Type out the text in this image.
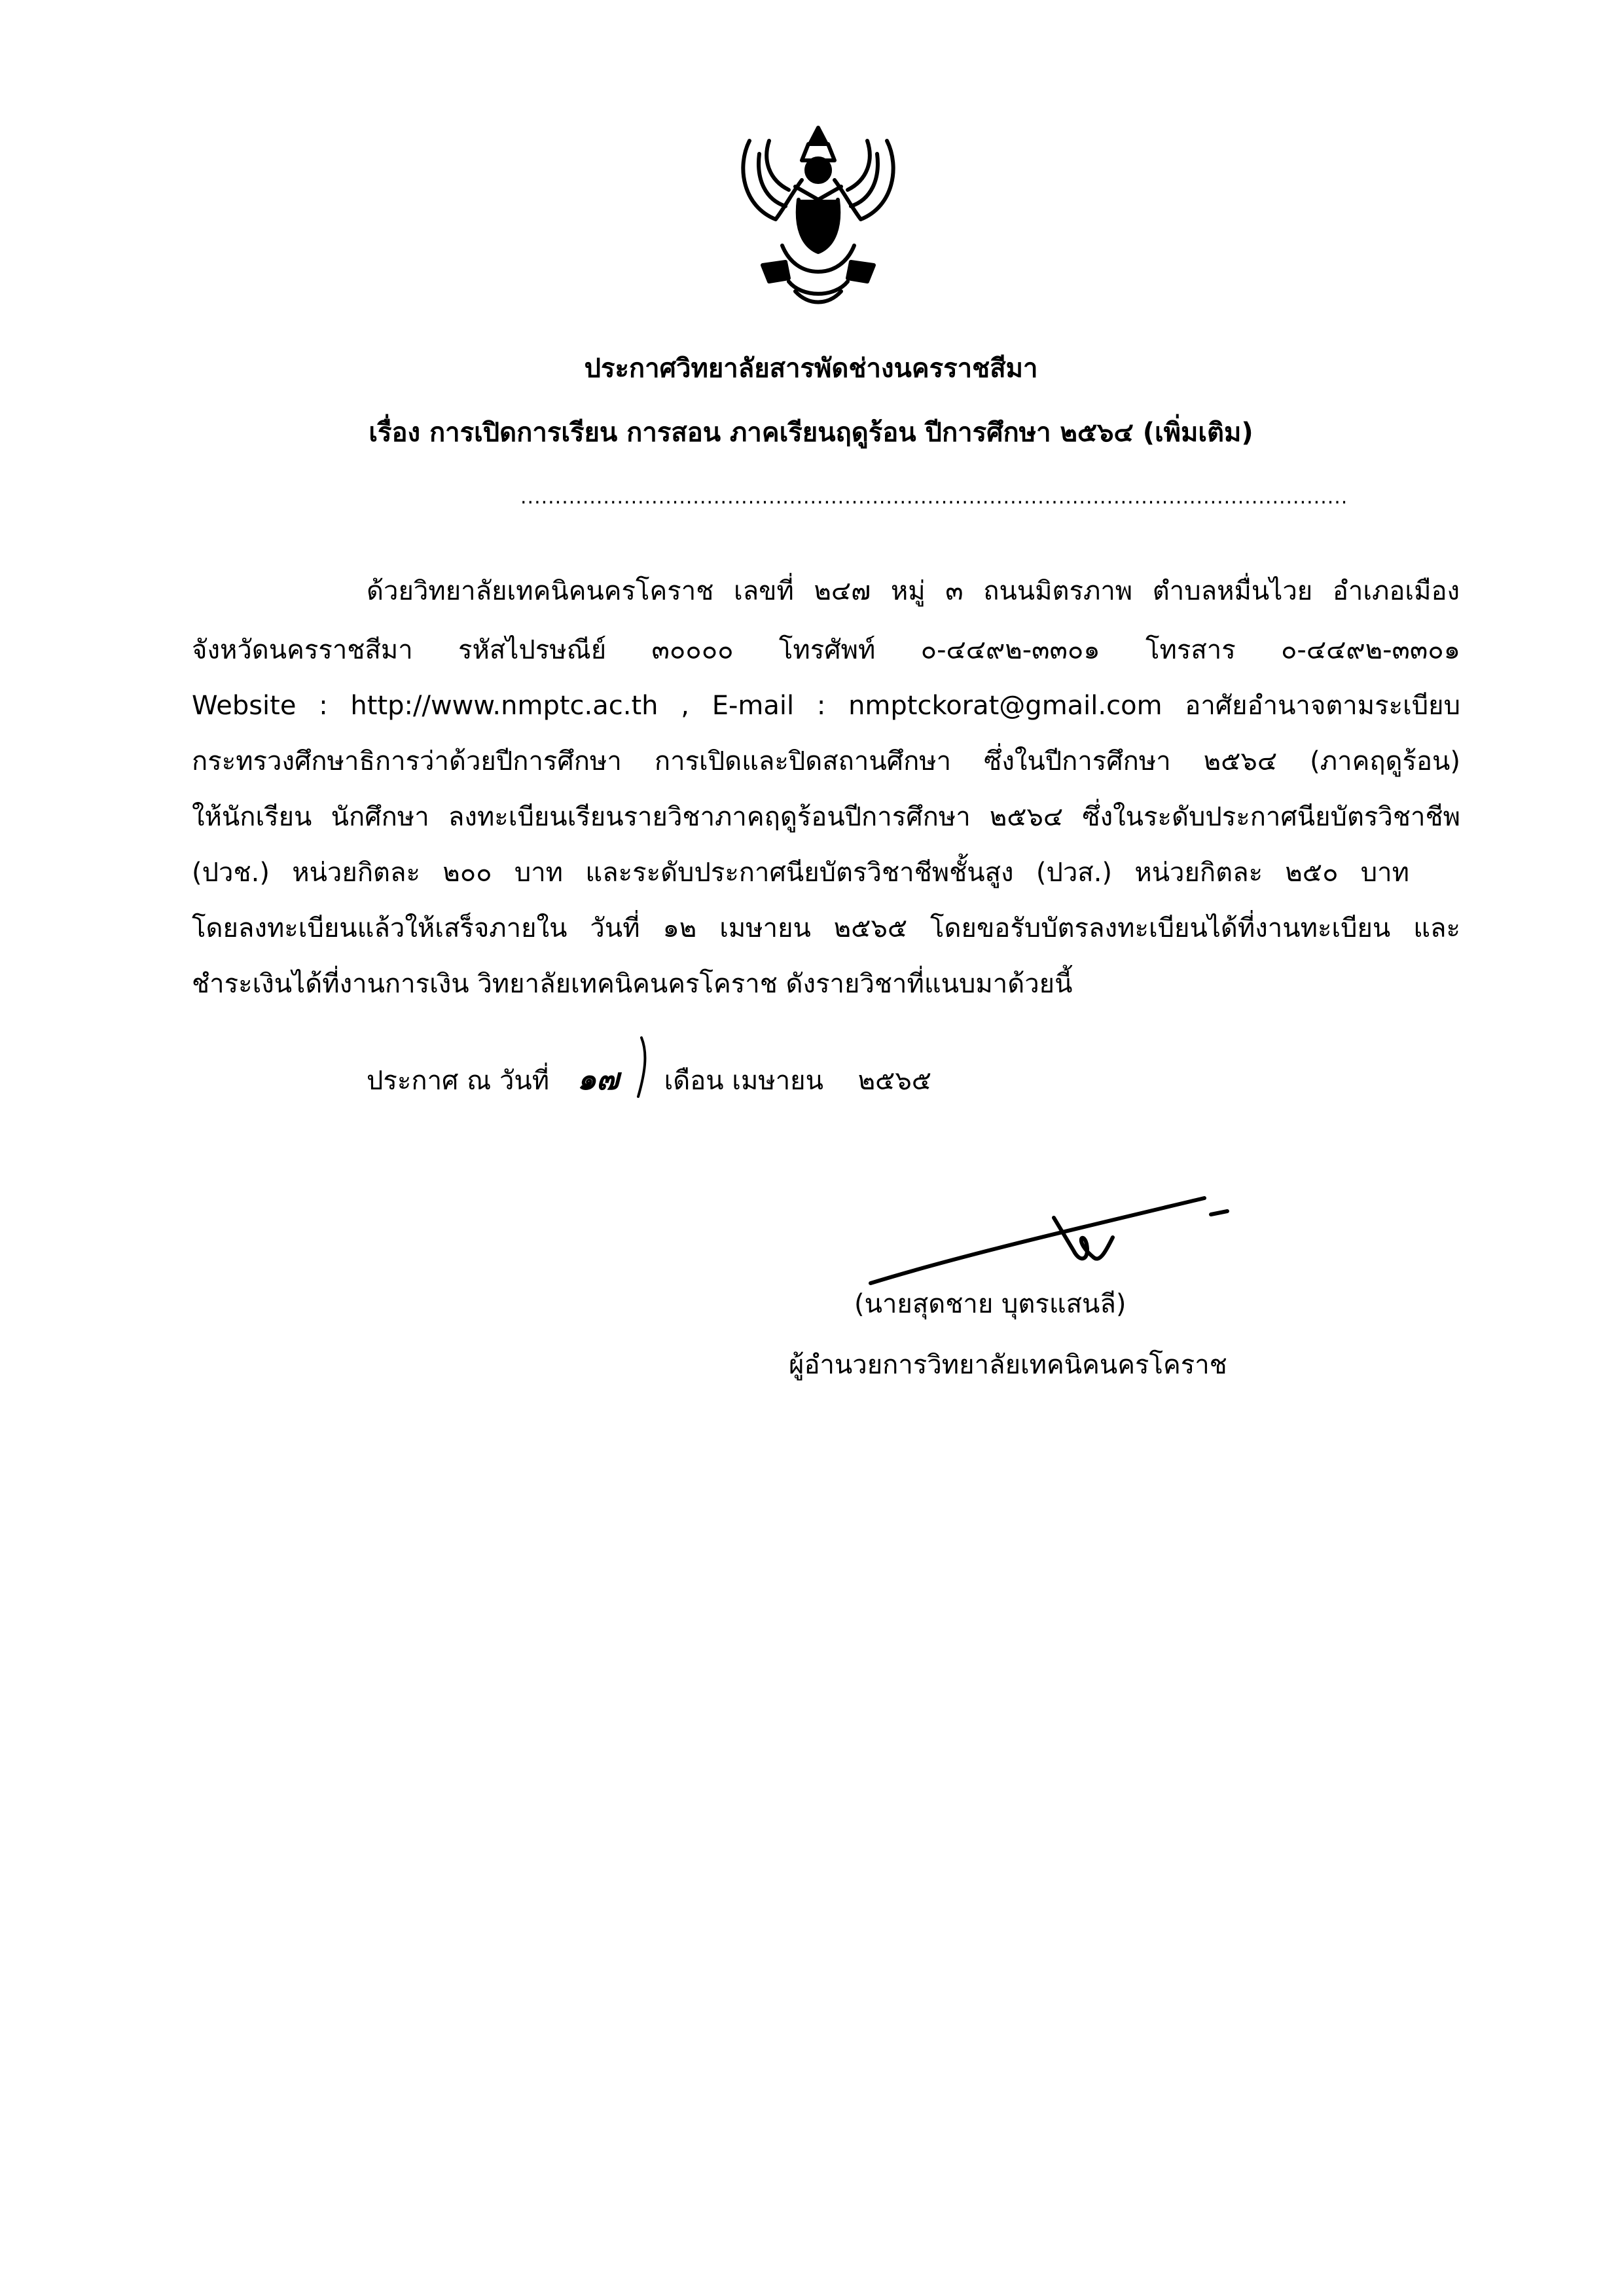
ประกาศวิทยาลัยสารพัดช่างนครราชสีมา
เรื่อง การเปิดการเรียน การสอน ภาคเรียนฤดูร้อน ปีการศึกษา ๒๕๖๔ (เพิ่มเติม)
........................................................................................................................
ด้วยวิทยาลัยเทคนิคนครโคราช เลขที่ ๒๔๗ หมู่ ๓ ถนนมิตรภาพ ตำบลหมื่นไวย อำเภอเมือง
จังหวัดนครราชสีมา รหัสไปรษณีย์ ๓๐๐๐๐ โทรศัพท์ ๐-๔๔๙๒-๓๓๐๑ โทรสาร ๐-๔๔๙๒-๓๓๐๑
Website : http://www.nmptc.ac.th , E-mail : nmptckorat@gmail.com อาศัยอำนาจตามระเบียบ
กระทรวงศึกษาธิการว่าด้วยปีการศึกษา การเปิดและปิดสถานศึกษา ซึ่งในปีการศึกษา ๒๕๖๔ (ภาคฤดูร้อน)
ให้นักเรียน นักศึกษา ลงทะเบียนเรียนรายวิชาภาคฤดูร้อนปีการศึกษา ๒๕๖๔ ซึ่งในระดับประกาศนียบัตรวิชาชีพ
(ปวช.) หน่วยกิตละ ๒๐๐ บาท และระดับประกาศนียบัตรวิชาชีพชั้นสูง (ปวส.) หน่วยกิตละ ๒๕๐ บาท
โดยลงทะเบียนแล้วให้เสร็จภายใน วันที่ ๑๒ เมษายน ๒๕๖๕ โดยขอรับบัตรลงทะเบียนได้ที่งานทะเบียน และ
ชำระเงินได้ที่งานการเงิน วิทยาลัยเทคนิคนครโคราช ดังรายวิชาที่แนบมาด้วยนี้
ประกาศ ณ วันที่ ๑๗ เดือน เมษายน ๒๕๖๕
(นายสุดชาย บุตรแสนลี)
ผู้อำนวยการวิทยาลัยเทคนิคนครโคราช
